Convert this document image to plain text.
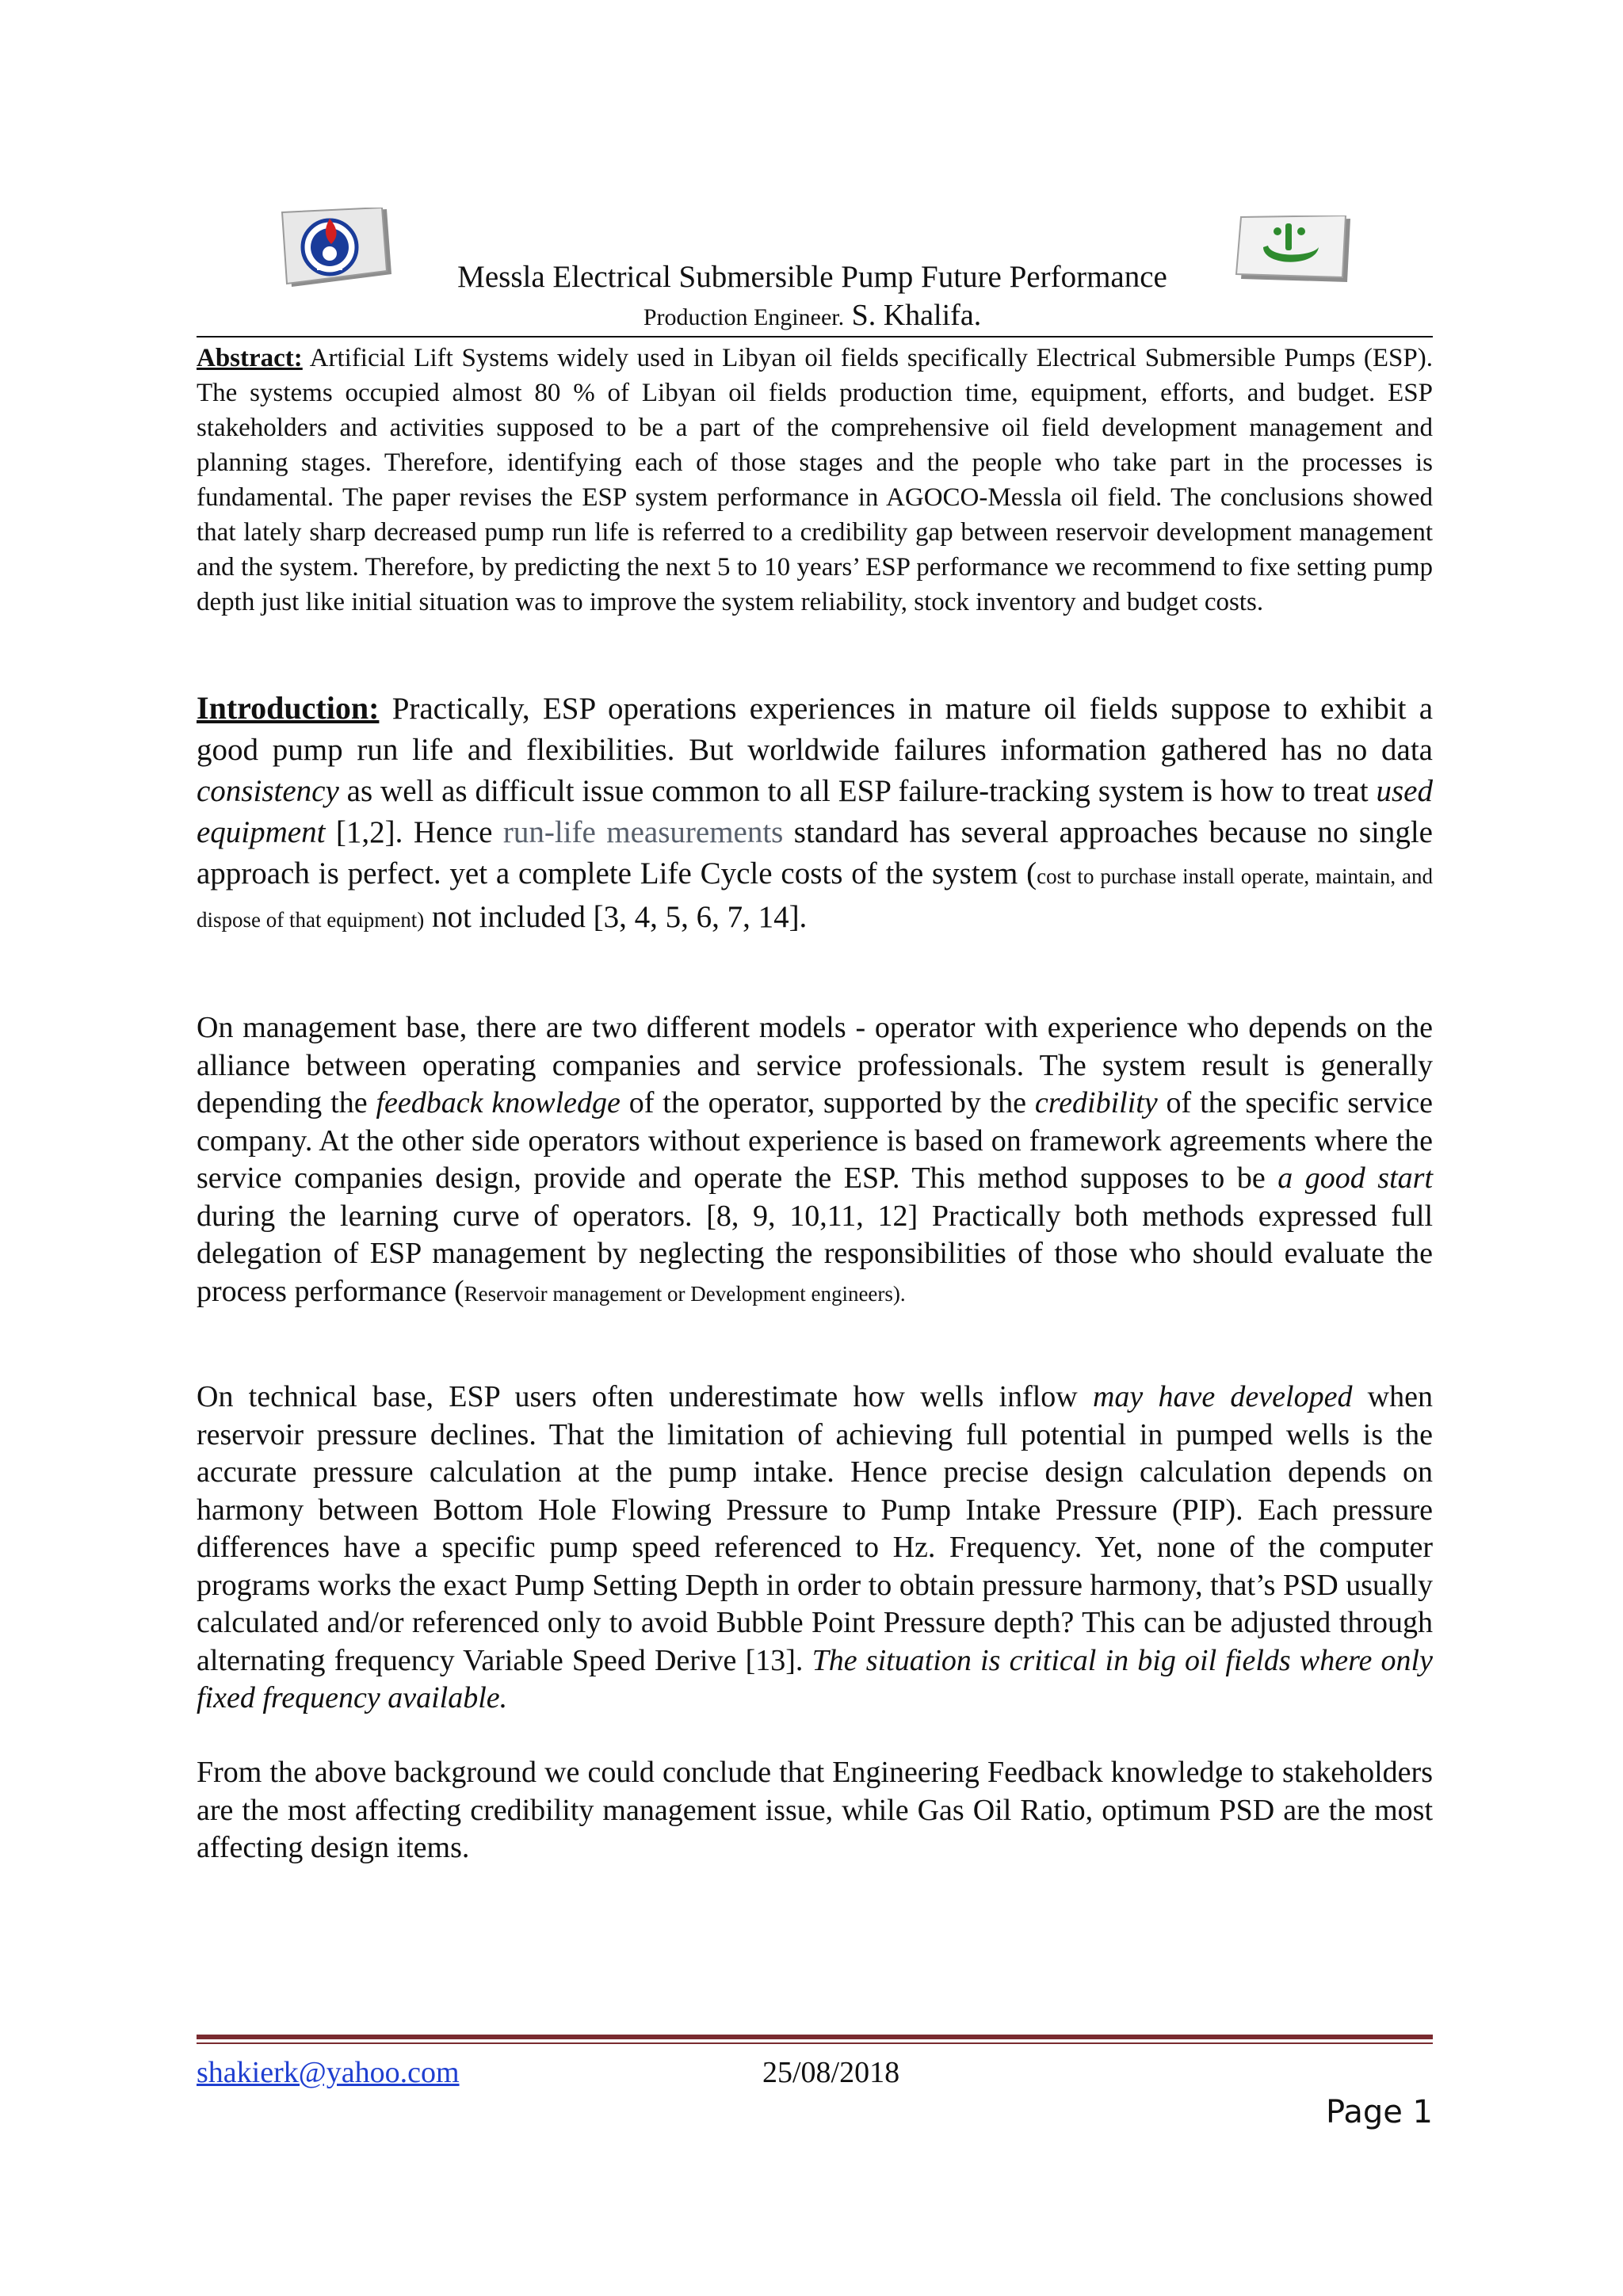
Messla Electrical Submersible Pump Future Performance
Production Engineer. S. Khalifa.

Abstract: Artificial Lift Systems widely used in Libyan oil fields specifically Electrical Submersible Pumps (ESP). The systems occupied almost 80 % of Libyan oil fields production time, equipment, efforts, and budget. ESP stakeholders and activities supposed to be a part of the comprehensive oil field development management and planning stages. Therefore, identifying each of those stages and the people who take part in the processes is fundamental. The paper revises the ESP system performance in AGOCO-Messla oil field. The conclusions showed that lately sharp decreased pump run life is referred to a credibility gap between reservoir development management and the system. Therefore, by predicting the next 5 to 10 years’ ESP performance we recommend to fixe setting pump depth just like initial situation was to improve the system reliability, stock inventory and budget costs.

Introduction: Practically, ESP operations experiences in mature oil fields suppose to exhibit a good pump run life and flexibilities. But worldwide failures information gathered has no data consistency as well as difficult issue common to all ESP failure-tracking system is how to treat used equipment [1,2]. Hence run-life measurements standard has several approaches because no single approach is perfect. yet a complete Life Cycle costs of the system (cost to purchase install operate, maintain, and dispose of that equipment) not included [3, 4, 5, 6, 7, 14].

On management base, there are two different models - operator with experience who depends on the alliance between operating companies and service professionals. The system result is generally depending the feedback knowledge of the operator, supported by the credibility of the specific service company. At the other side operators without experience is based on framework agreements where the service companies design, provide and operate the ESP. This method supposes to be a good start during the learning curve of operators. [8, 9, 10,11, 12] Practically both methods expressed full delegation of ESP management by neglecting the responsibilities of those who should evaluate the process performance (Reservoir management or Development engineers).

On technical base, ESP users often underestimate how wells inflow may have developed when reservoir pressure declines. That the limitation of achieving full potential in pumped wells is the accurate pressure calculation at the pump intake. Hence precise design calculation depends on harmony between Bottom Hole Flowing Pressure to Pump Intake Pressure (PIP). Each pressure differences have a specific pump speed referenced to Hz. Frequency. Yet, none of the computer programs works the exact Pump Setting Depth in order to obtain pressure harmony, that’s PSD usually calculated and/or referenced only to avoid Bubble Point Pressure depth? This can be adjusted through alternating frequency Variable Speed Derive [13]. The situation is critical in big oil fields where only fixed frequency available.

From the above background we could conclude that Engineering Feedback knowledge to stakeholders are the most affecting credibility management issue, while Gas Oil Ratio, optimum PSD are the most affecting design items.

shakierk@yahoo.com	25/08/2018
Page 1
